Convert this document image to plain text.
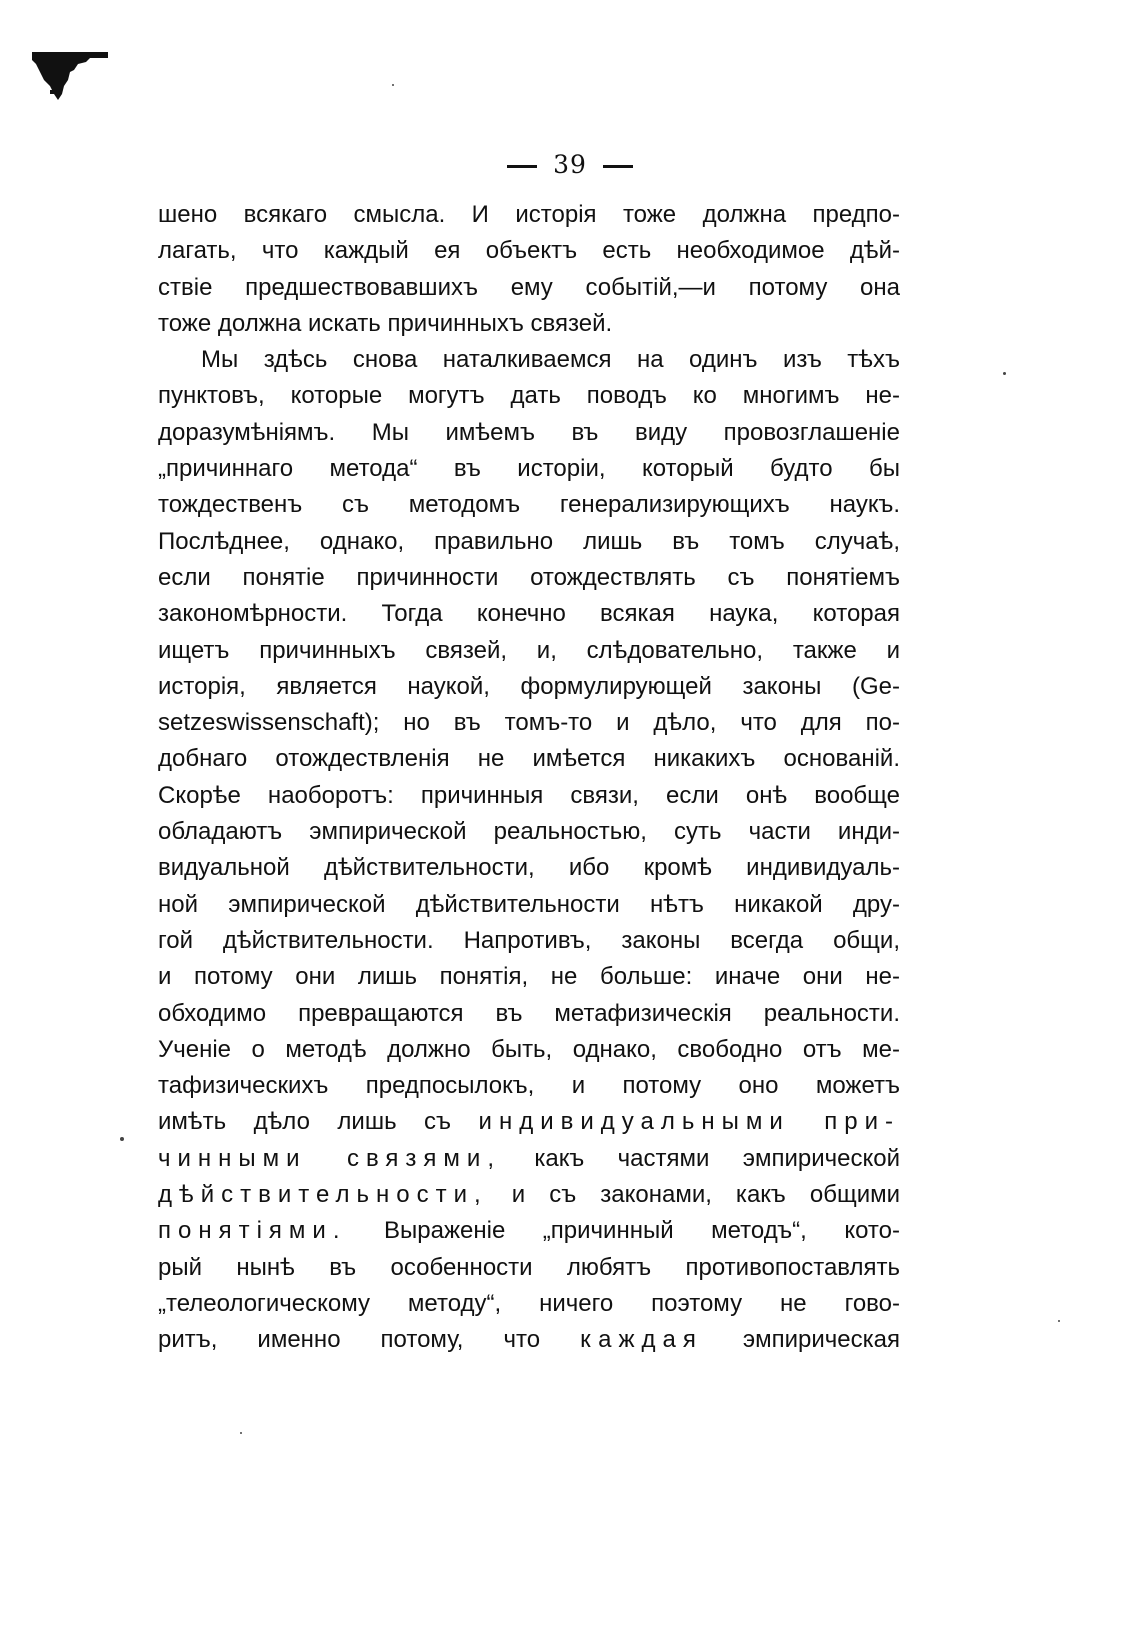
39
шено всякаго смысла. И исторія тоже должна предпо-
лагать, что каждый ея объектъ есть необходимое дѣй-
ствіе предшествовавшихъ ему событій,—и потому она
тоже должна искать причинныхъ связей.
Мы здѣсь снова наталкиваемся на одинъ изъ тѣхъ
пунктовъ, которые могутъ дать поводъ ко многимъ не-
доразумѣніямъ. Мы имѣемъ въ виду провозглашеніе
„причиннаго метода“ въ исторіи, который будто бы
тождественъ съ методомъ генерализирующихъ наукъ.
Послѣднее, однако, правильно лишь въ томъ случаѣ,
если понятіе причинности отождествлять съ понятіемъ
закономѣрности. Тогда конечно всякая наука, которая
ищетъ причинныхъ связей, и, слѣдовательно, также и
исторія, является наукой, формулирующей законы (Ge-
setzeswissenschaft); но въ томъ-то и дѣло, что для по-
добнаго отождествленія не имѣется никакихъ основаній.
Скорѣе наоборотъ: причинныя связи, если онѣ вообще
обладаютъ эмпирической реальностью, суть части инди-
видуальной дѣйствительности, ибо кромѣ индивидуаль-
ной эмпирической дѣйствительности нѣтъ никакой дру-
гой дѣйствительности. Напротивъ, законы всегда общи,
и потому они лишь понятія, не больше: иначе они не-
обходимо превращаются въ метафизическія реальности.
Ученіе о методѣ должно быть, однако, свободно отъ ме-
тафизическихъ предпосылокъ, и потому оно можетъ
имѣть дѣло лишь съ индивидуальными при-
чинными связями, какъ частями эмпирической
дѣйствительности, и съ законами, какъ общими
понятіями. Выраженіе „причинный методъ“, кото-
рый нынѣ въ особенности любятъ противопоставлять
„телеологическому методу“, ничего поэтому не гово-
ритъ, именно потому, что каждая эмпирическая
